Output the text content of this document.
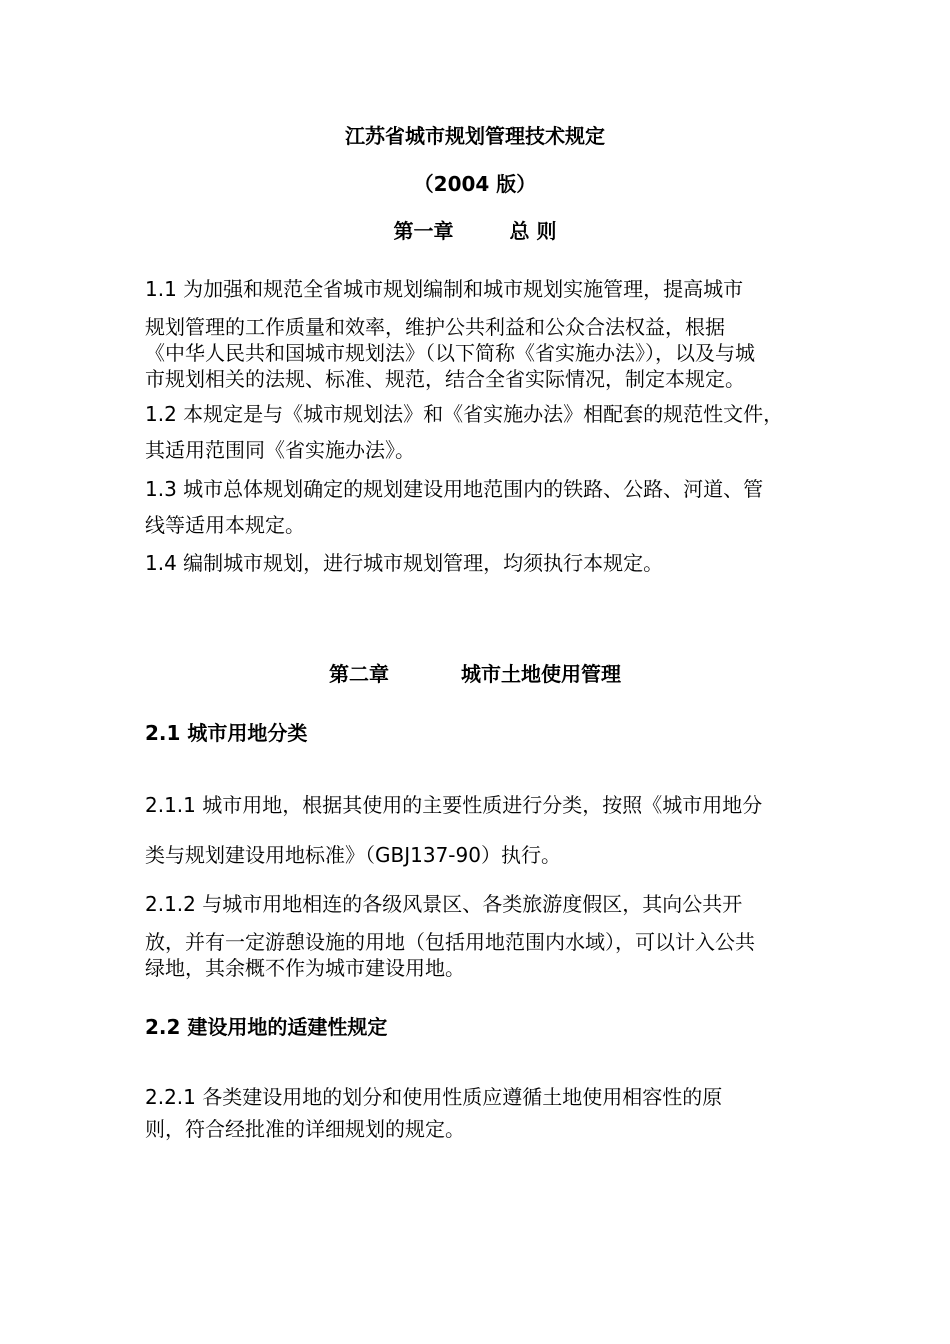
江苏省城市规划管理技术规定
（2004 版）
第一章	总 则
1.1 为加强和规范全省城市规划编制和城市规划实施管理，提高城市
规划管理的工作质量和效率，维护公共利益和公众合法权益，根据
《中华人民共和国城市规划法》（以下简称《省实施办法》），以及与城
市规划相关的法规、标准、规范，结合全省实际情况，制定本规定。
1.2 本规定是与《城市规划法》和《省实施办法》相配套的规范性文件，
其适用范围同《省实施办法》。
1.3 城市总体规划确定的规划建设用地范围内的铁路、公路、河道、管
线等适用本规定。
1.4 编制城市规划，进行城市规划管理，均须执行本规定。
第二章	城市土地使用管理
2.1 城市用地分类
2.1.1 城市用地，根据其使用的主要性质进行分类，按照《城市用地分
类与规划建设用地标准》（GBJ137-90）执行。
2.1.2 与城市用地相连的各级风景区、各类旅游度假区，其向公共开
放，并有一定游憩设施的用地（包括用地范围内水域），可以计入公共
绿地，其余概不作为城市建设用地。
2.2 建设用地的适建性规定
2.2.1 各类建设用地的划分和使用性质应遵循土地使用相容性的原
则，符合经批准的详细规划的规定。
